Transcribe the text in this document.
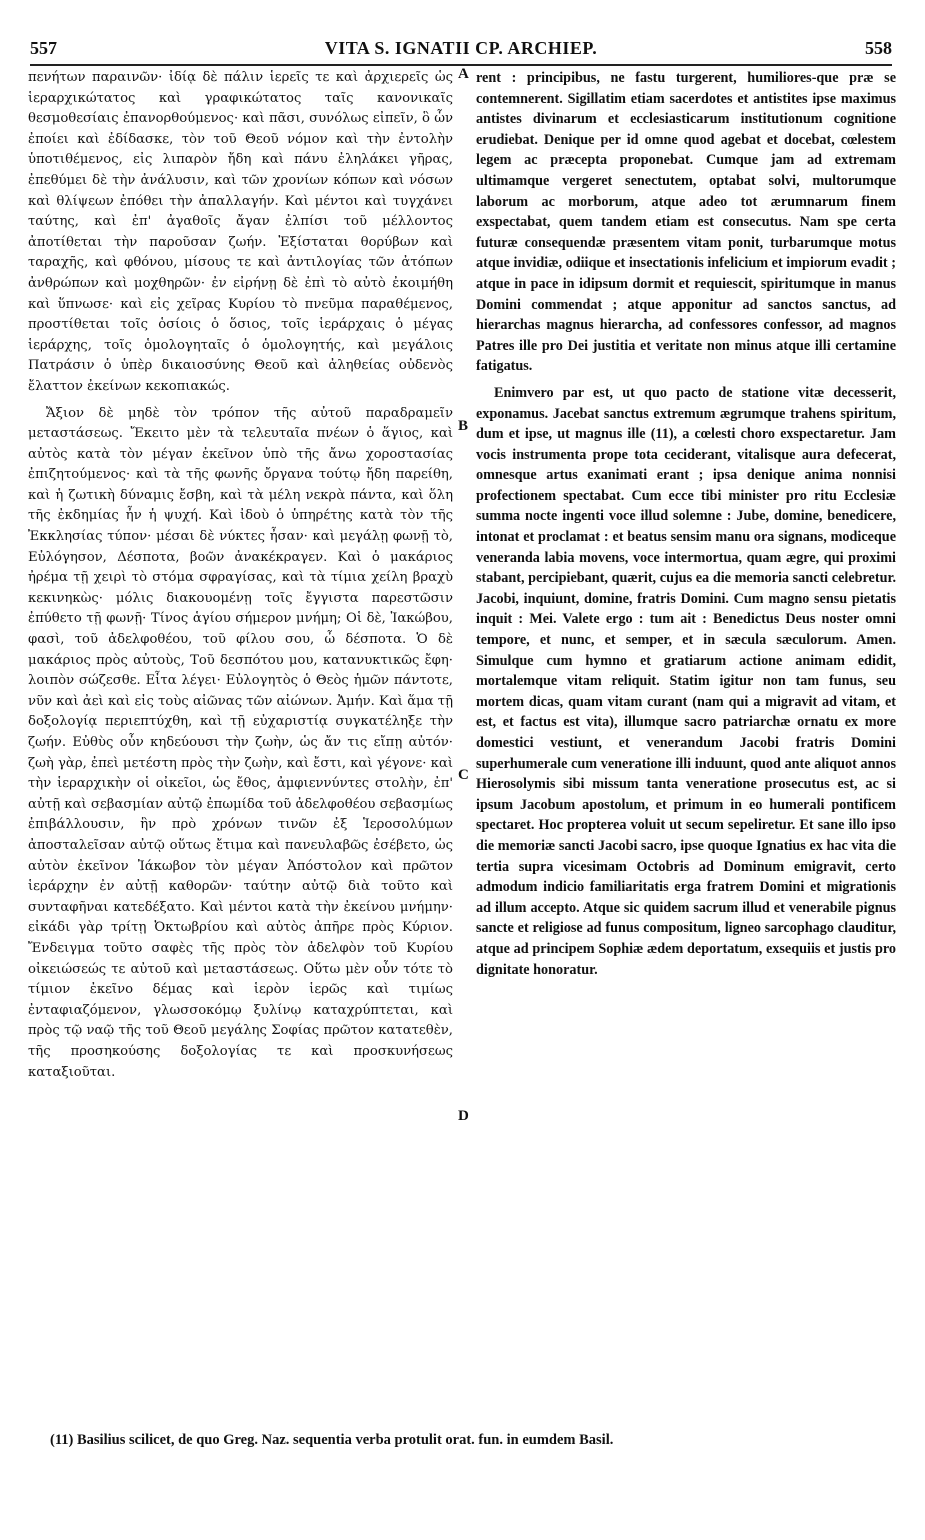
557	VITA S. IGNATII CP. ARCHIEP.	558

πενήτων παραινῶν· ἰδίᾳ δὲ πάλιν ἱερεῖς τε καὶ ἀρχιερεῖς ὡς ἱεραρχικώτατος καὶ γραφικώτατος ταῖς κανονικαῖς θεσμοθεσίαις ἐπανορθούμενος· καὶ πᾶσι, συνόλως εἰπεῖν, ὃ ὧν ἐποίει καὶ ἐδίδασκε, τὸν τοῦ Θεοῦ νόμον καὶ τὴν ἐντολὴν ὑποτιθέμενος, εἰς λιπαρὸν ἤδη καὶ πάνυ ἐληλάκει γῆρας, ἐπεθύμει δὲ τὴν ἀνάλυσιν, καὶ τῶν χρονίων κόπων καὶ νόσων καὶ θλίψεων ἐπόθει τὴν ἀπαλλαγήν. Καὶ μέντοι καὶ τυγχάνει ταύτης, καὶ ἐπ' ἀγαθοῖς ἄγαν ἐλπίσι τοῦ μέλλοντος ἀποτίθεται τὴν παροῦσαν ζωήν. Ἐξίσταται θορύβων καὶ ταραχῆς, καὶ φθόνου, μίσους τε καὶ ἀντιλογίας τῶν ἀτόπων ἀνθρώπων καὶ μοχθηρῶν· ἐν εἰρήνῃ δὲ ἐπὶ τὸ αὐτὸ ἐκοιμήθη καὶ ὕπνωσε· καὶ εἰς χεῖρας Κυρίου τὸ πνεῦμα παραθέμενος, προστίθεται τοῖς ὁσίοις ὁ ὅσιος, τοῖς ἱεράρχαις ὁ μέγας ἱεράρχης, τοῖς ὁμολογηταῖς ὁ ὁμολογητής, καὶ μεγάλοις Πατράσιν ὁ ὑπὲρ δικαιοσύνης Θεοῦ καὶ ἀληθείας οὐδενὸς ἔλαττον ἐκείνων κεκοπιακώς.

Ἄξιον δὲ μηδὲ τὸν τρόπον τῆς αὐτοῦ παραδραμεῖν μεταστάσεως. Ἔκειτο μὲν τὰ τελευταῖα πνέων ὁ ἅγιος, καὶ αὐτὸς κατὰ τὸν μέγαν ἐκεῖνον ὑπὸ τῆς ἄνω χοροστασίας ἐπιζητούμενος· καὶ τὰ τῆς φωνῆς ὄργανα τούτῳ ἤδη παρείθη, καὶ ἡ ζωτικὴ δύναμις ἔσβη, καὶ τὰ μέλη νεκρὰ πάντα, καὶ ὅλη τῆς ἐκδημίας ἦν ἡ ψυχή. Καὶ ἰδοὺ ὁ ὑπηρέτης κατὰ τὸν τῆς Ἐκκλησίας τύπον· μέσαι δὲ νύκτες ἦσαν· καὶ μεγάλῃ φωνῇ τὸ, Εὐλόγησον, Δέσποτα, βοῶν ἀνακέκραγεν. Καὶ ὁ μακάριος ἠρέμα τῇ χειρὶ τὸ στόμα σφραγίσας, καὶ τὰ τίμια χείλη βραχὺ κεκινηκὼς· μόλις διακουομένῃ τοῖς ἔγγιστα παρεστῶσιν ἐπύθετο τῇ φωνῇ· Τίνος ἁγίου σήμερον μνήμη; Οἱ δὲ, Ἰακώβου, φασὶ, τοῦ ἀδελφοθέου, τοῦ φίλου σου, ὦ δέσποτα. Ὁ δὲ μακάριος πρὸς αὐτοὺς, Τοῦ δεσπότου μου, κατανυκτικῶς ἔφη· λοιπὸν σώζεσθε. Εἶτα λέγει· Εὐλογητὸς ὁ Θεὸς ἡμῶν πάντοτε, νῦν καὶ ἀεὶ καὶ εἰς τοὺς αἰῶνας τῶν αἰώνων. Ἀμήν. Καὶ ἅμα τῇ δοξολογίᾳ περιεπτύχθη, καὶ τῇ εὐχαριστίᾳ συγκατέληξε τὴν ζωήν. Εὐθὺς οὖν κηδεύουσι τὴν ζωὴν, ὡς ἄν τις εἴπῃ αὐτόν· ζωὴ γὰρ, ἐπεὶ μετέστη πρὸς τὴν ζωὴν, καὶ ἔστι, καὶ γέγονε· καὶ τὴν ἱεραρχικὴν οἱ οἰκεῖοι, ὡς ἔθος, ἀμφιεννύντες στολὴν, ἐπ' αὐτῇ καὶ σεβασμίαν αὐτῷ ἐπωμίδα τοῦ ἀδελφοθέου σεβασμίως ἐπιβάλλουσιν, ἣν πρὸ χρόνων τινῶν ἐξ Ἱεροσολύμων ἀποσταλεῖσαν αὐτῷ οὕτως ἔτιμα καὶ πανευλαβῶς ἐσέβετο, ὡς αὐτὸν ἐκεῖνον Ἰάκωβον τὸν μέγαν Ἀπόστολον καὶ πρῶτον ἱεράρχην ἐν αὐτῇ καθορῶν· ταύτην αὐτῷ διὰ τοῦτο καὶ συνταφῆναι κατεδέξατο. Καὶ μέντοι κατὰ τὴν ἐκείνου μνήμην· εἰκάδι γὰρ τρίτῃ Ὀκτωβρίου καὶ αὐτὸς ἀπῆρε πρὸς Κύριον. Ἔνδειγμα τοῦτο σαφὲς τῆς πρὸς τὸν ἀδελφὸν τοῦ Κυρίου οἰκειώσεώς τε αὐτοῦ καὶ μεταστάσεως. Οὕτω μὲν οὖν τότε τὸ τίμιον ἐκεῖνο δέμας καὶ ἱερὸν ἱερῶς καὶ τιμίως ἐνταφιαζόμενον, γλωσσοκόμῳ ξυλίνῳ καταχρύπτεται, καὶ πρὸς τῷ ναῷ τῆς τοῦ Θεοῦ μεγάλης Σοφίας πρῶτον κατατεθὲν, τῆς προσηκούσης δοξολογίας τε καὶ προσκυνήσεως καταξιοῦται.

A
B
C
D

rent : principibus, ne fastu turgerent, humiliores-que præ se contemnerent. Sigillatim etiam sacerdotes et antistites ipse maximus antistes divinarum et ecclesiasticarum institutionum cognitione erudiebat. Denique per id omne quod agebat et docebat, cœlestem legem ac præcepta proponebat. Cumque jam ad extremam ultimamque vergeret senectutem, optabat solvi, multorumque laborum ac morborum, atque adeo tot ærumnarum finem exspectabat, quem tandem etiam est consecutus. Nam spe certa futuræ consequendæ præsentem vitam ponit, turbarumque motus atque invidiæ, odiique et insectationis infelicium et impiorum evadit ; atque in pace in idipsum dormit et requiescit, spiritumque in manus Domini commendat ; atque apponitur ad sanctos sanctus, ad hierarchas magnus hierarcha, ad confessores confessor, ad magnos Patres ille pro Dei justitia et veritate non minus atque illi certamine fatigatus.

Enimvero par est, ut quo pacto de statione vitæ decesserit, exponamus. Jacebat sanctus extremum ægrumque trahens spiritum, dum et ipse, ut magnus ille (11), a cœlesti choro exspectaretur. Jam vocis instrumenta prope tota ceciderant, vitalisque aura defecerat, omnesque artus exanimati erant ; ipsa denique anima nonnisi profectionem spectabat. Cum ecce tibi minister pro ritu Ecclesiæ summa nocte ingenti voce illud solemne : Jube, domine, benedicere, intonat et proclamat : et beatus sensim manu ora signans, modiceque veneranda labia movens, voce intermortua, quam ægre, qui proximi stabant, percipiebant, quærit, cujus ea die memoria sancti celebretur. Jacobi, inquiunt, domine, fratris Domini. Cum magno sensu pietatis inquit : Mei. Valete ergo : tum ait : Benedictus Deus noster omni tempore, et nunc, et semper, et in sæcula sæculorum. Amen. Simulque cum hymno et gratiarum actione animam edidit, mortalemque vitam reliquit. Statim igitur non tam funus, seu mortem dicas, quam vitam curant (nam qui a migravit ad vitam, et est, et factus est vita), illumque sacro patriarchæ ornatu ex more domestici vestiunt, et venerandum Jacobi fratris Domini superhumerale cum veneratione illi induunt, quod ante aliquot annos Hierosolymis sibi missum tanta veneratione prosecutus est, ac si ipsum Jacobum apostolum, et primum in eo humerali pontificem spectaret. Hoc propterea voluit ut secum sepeliretur. Et sane illo ipso die memoriæ sancti Jacobi sacro, ipse quoque Ignatius ex hac vita die tertia supra vicesimam Octobris ad Dominum emigravit, certo admodum indicio familiaritatis erga fratrem Domini et migrationis ad illum accepto. Atque sic quidem sacrum illud et venerabile pignus sancte et religiose ad funus compositum, ligneo sarcophago clauditur, atque ad principem Sophiæ ædem deportatum, exsequiis et justis pro dignitate honoratur.

(11) Basilius scilicet, de quo Greg. Naz. sequentia verba protulit orat. fun. in eumdem Basil.
